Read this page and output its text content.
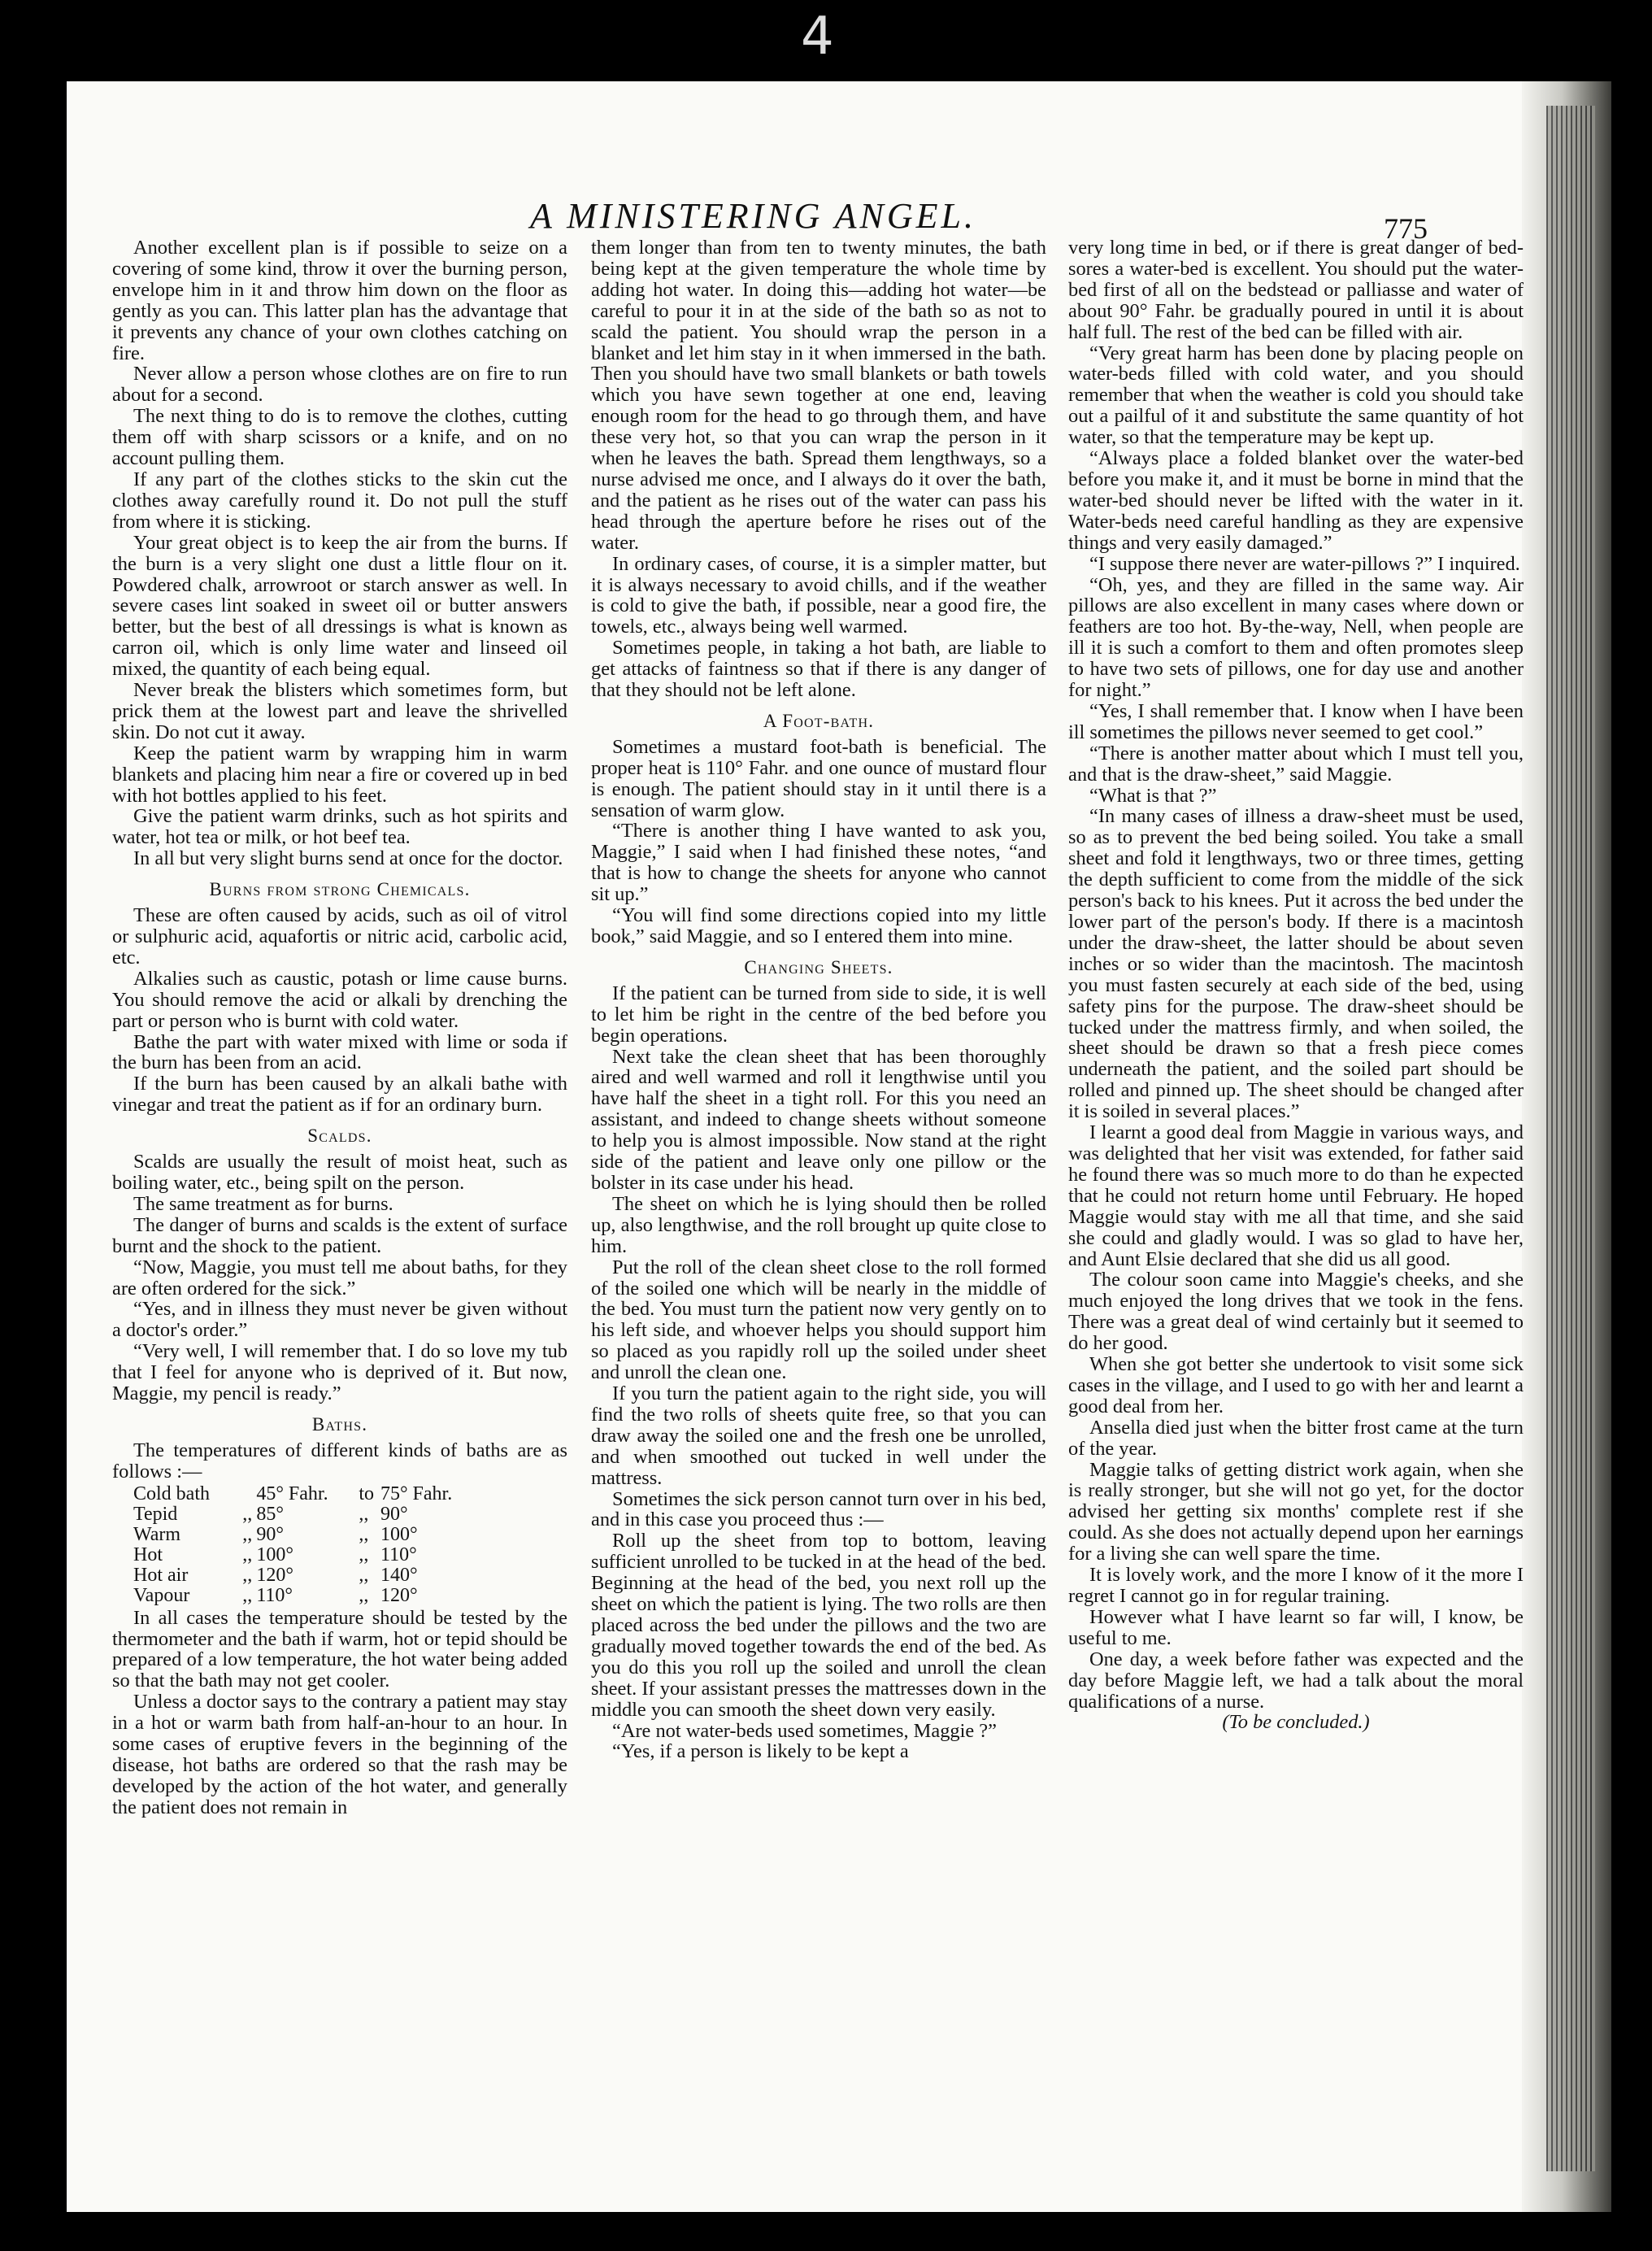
4
A MINISTERING ANGEL.	775

Another excellent plan is if possible to seize on a covering of some kind, throw it over the burning person, envelope him in it and throw him down on the floor as gently as you can. This latter plan has the advantage that it prevents any chance of your own clothes catching on fire.

Never allow a person whose clothes are on fire to run about for a second.

The next thing to do is to remove the clothes, cutting them off with sharp scissors or a knife, and on no account pulling them.

If any part of the clothes sticks to the skin cut the clothes away carefully round it. Do not pull the stuff from where it is sticking.

Your great object is to keep the air from the burns. If the burn is a very slight one dust a little flour on it. Powdered chalk, arrowroot or starch answer as well. In severe cases lint soaked in sweet oil or butter answers better, but the best of all dressings is what is known as carron oil, which is only lime water and linseed oil mixed, the quantity of each being equal.

Never break the blisters which sometimes form, but prick them at the lowest part and leave the shrivelled skin. Do not cut it away.

Keep the patient warm by wrapping him in warm blankets and placing him near a fire or covered up in bed with hot bottles applied to his feet.

Give the patient warm drinks, such as hot spirits and water, hot tea or milk, or hot beef tea.

In all but very slight burns send at once for the doctor.

Burns from strong Chemicals.

These are often caused by acids, such as oil of vitrol or sulphuric acid, aquafortis or nitric acid, carbolic acid, etc.

Alkalies such as caustic, potash or lime cause burns. You should remove the acid or alkali by drenching the part or person who is burnt with cold water.

Bathe the part with water mixed with lime or soda if the burn has been from an acid.

If the burn has been caused by an alkali bathe with vinegar and treat the patient as if for an ordinary burn.

Scalds.

Scalds are usually the result of moist heat, such as boiling water, etc., being spilt on the person.

The same treatment as for burns.

The danger of burns and scalds is the extent of surface burnt and the shock to the patient.

“Now, Maggie, you must tell me about baths, for they are often ordered for the sick.”

“Yes, and in illness they must never be given without a doctor's order.”

“Very well, I will remember that. I do so love my tub that I feel for anyone who is deprived of it. But now, Maggie, my pencil is ready.”

Baths.

The temperatures of different kinds of baths are as follows :—

Cold bath		45° Fahr.	to	75° Fahr.
Tepid	,,	85°	,,	90°
Warm	,,	90°	,,	100°
Hot	,,	100°	,,	110°
Hot air	,,	120°	,,	140°
Vapour	,,	110°	,,	120°

In all cases the temperature should be tested by the thermometer and the bath if warm, hot or tepid should be prepared of a low temperature, the hot water being added so that the bath may not get cooler.

Unless a doctor says to the contrary a patient may stay in a hot or warm bath from half-an-hour to an hour. In some cases of eruptive fevers in the beginning of the disease, hot baths are ordered so that the rash may be developed by the action of the hot water, and generally the patient does not remain in

them longer than from ten to twenty minutes, the bath being kept at the given temperature the whole time by adding hot water. In doing this—adding hot water—be careful to pour it in at the side of the bath so as not to scald the patient. You should wrap the person in a blanket and let him stay in it when immersed in the bath. Then you should have two small blankets or bath towels which you have sewn together at one end, leaving enough room for the head to go through them, and have these very hot, so that you can wrap the person in it when he leaves the bath. Spread them lengthways, so a nurse advised me once, and I always do it over the bath, and the patient as he rises out of the water can pass his head through the aperture before he rises out of the water.

In ordinary cases, of course, it is a simpler matter, but it is always necessary to avoid chills, and if the weather is cold to give the bath, if possible, near a good fire, the towels, etc., always being well warmed.

Sometimes people, in taking a hot bath, are liable to get attacks of faintness so that if there is any danger of that they should not be left alone.

A Foot-bath.

Sometimes a mustard foot-bath is beneficial. The proper heat is 110° Fahr. and one ounce of mustard flour is enough. The patient should stay in it until there is a sensation of warm glow.

“There is another thing I have wanted to ask you, Maggie,” I said when I had finished these notes, “and that is how to change the sheets for anyone who cannot sit up.”

“You will find some directions copied into my little book,” said Maggie, and so I entered them into mine.

Changing Sheets.

If the patient can be turned from side to side, it is well to let him be right in the centre of the bed before you begin operations.

Next take the clean sheet that has been thoroughly aired and well warmed and roll it lengthwise until you have half the sheet in a tight roll. For this you need an assistant, and indeed to change sheets without someone to help you is almost impossible. Now stand at the right side of the patient and leave only one pillow or the bolster in its case under his head.

The sheet on which he is lying should then be rolled up, also lengthwise, and the roll brought up quite close to him.

Put the roll of the clean sheet close to the roll formed of the soiled one which will be nearly in the middle of the bed. You must turn the patient now very gently on to his left side, and whoever helps you should support him so placed as you rapidly roll up the soiled under sheet and unroll the clean one.

If you turn the patient again to the right side, you will find the two rolls of sheets quite free, so that you can draw away the soiled one and the fresh one be unrolled, and when smoothed out tucked in well under the mattress.

Sometimes the sick person cannot turn over in his bed, and in this case you proceed thus :—

Roll up the sheet from top to bottom, leaving sufficient unrolled to be tucked in at the head of the bed. Beginning at the head of the bed, you next roll up the sheet on which the patient is lying. The two rolls are then placed across the bed under the pillows and the two are gradually moved together towards the end of the bed. As you do this you roll up the soiled and unroll the clean sheet. If your assistant presses the mattresses down in the middle you can smooth the sheet down very easily.

“Are not water-beds used sometimes, Maggie ?”

“Yes, if a person is likely to be kept a

very long time in bed, or if there is great danger of bed-sores a water-bed is excellent. You should put the water-bed first of all on the bedstead or palliasse and water of about 90° Fahr. be gradually poured in until it is about half full. The rest of the bed can be filled with air.

“Very great harm has been done by placing people on water-beds filled with cold water, and you should remember that when the weather is cold you should take out a pailful of it and substitute the same quantity of hot water, so that the temperature may be kept up.

“Always place a folded blanket over the water-bed before you make it, and it must be borne in mind that the water-bed should never be lifted with the water in it. Water-beds need careful handling as they are expensive things and very easily damaged.”

“I suppose there never are water-pillows ?” I inquired.

“Oh, yes, and they are filled in the same way. Air pillows are also excellent in many cases where down or feathers are too hot. By-the-way, Nell, when people are ill it is such a comfort to them and often promotes sleep to have two sets of pillows, one for day use and another for night.”

“Yes, I shall remember that. I know when I have been ill sometimes the pillows never seemed to get cool.”

“There is another matter about which I must tell you, and that is the draw-sheet,” said Maggie.

“What is that ?”

“In many cases of illness a draw-sheet must be used, so as to prevent the bed being soiled. You take a small sheet and fold it lengthways, two or three times, getting the depth sufficient to come from the middle of the sick person's back to his knees. Put it across the bed under the lower part of the person's body. If there is a macintosh under the draw-sheet, the latter should be about seven inches or so wider than the macintosh. The macintosh you must fasten securely at each side of the bed, using safety pins for the purpose. The draw-sheet should be tucked under the mattress firmly, and when soiled, the sheet should be drawn so that a fresh piece comes underneath the patient, and the soiled part should be rolled and pinned up. The sheet should be changed after it is soiled in several places.”

I learnt a good deal from Maggie in various ways, and was delighted that her visit was extended, for father said he found there was so much more to do than he expected that he could not return home until February. He hoped Maggie would stay with me all that time, and she said she could and gladly would. I was so glad to have her, and Aunt Elsie declared that she did us all good.

The colour soon came into Maggie's cheeks, and she much enjoyed the long drives that we took in the fens. There was a great deal of wind certainly but it seemed to do her good.

When she got better she undertook to visit some sick cases in the village, and I used to go with her and learnt a good deal from her.

Ansella died just when the bitter frost came at the turn of the year.

Maggie talks of getting district work again, when she is really stronger, but she will not go yet, for the doctor advised her getting six months' complete rest if she could. As she does not actually depend upon her earnings for a living she can well spare the time.

It is lovely work, and the more I know of it the more I regret I cannot go in for regular training.

However what I have learnt so far will, I know, be useful to me.

One day, a week before father was expected and the day before Maggie left, we had a talk about the moral qualifications of a nurse.

(To be concluded.)
